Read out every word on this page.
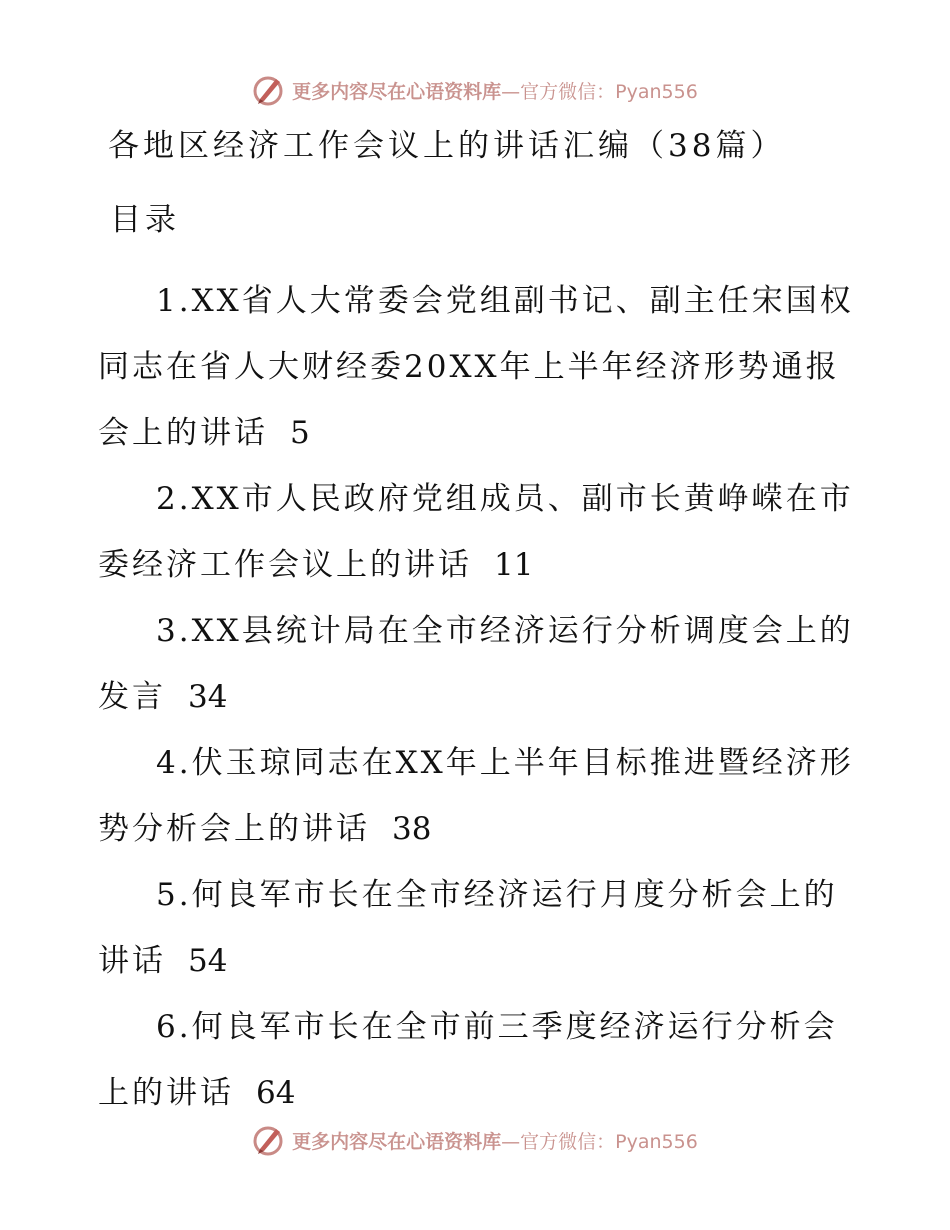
更多内容尽在心语资料库 —官方微信：Pyan556
各地区经济工作会议上的讲话汇编（38篇）
目录
1.XX省人大常委会党组副书记、副主任宋国权同志在省人大财经委20XX年上半年经济形势通报会上的讲话 5
2.XX市人民政府党组成员、副市长黄峥嵘在市委经济工作会议上的讲话 11
3.XX县统计局在全市经济运行分析调度会上的发言 34
4.伏玉琼同志在XX年上半年目标推进暨经济形势分析会上的讲话 38
5.何良军市长在全市经济运行月度分析会上的讲话 54
6.何良军市长在全市前三季度经济运行分析会上的讲话 64
更多内容尽在心语资料库 —官方微信：Pyan556
